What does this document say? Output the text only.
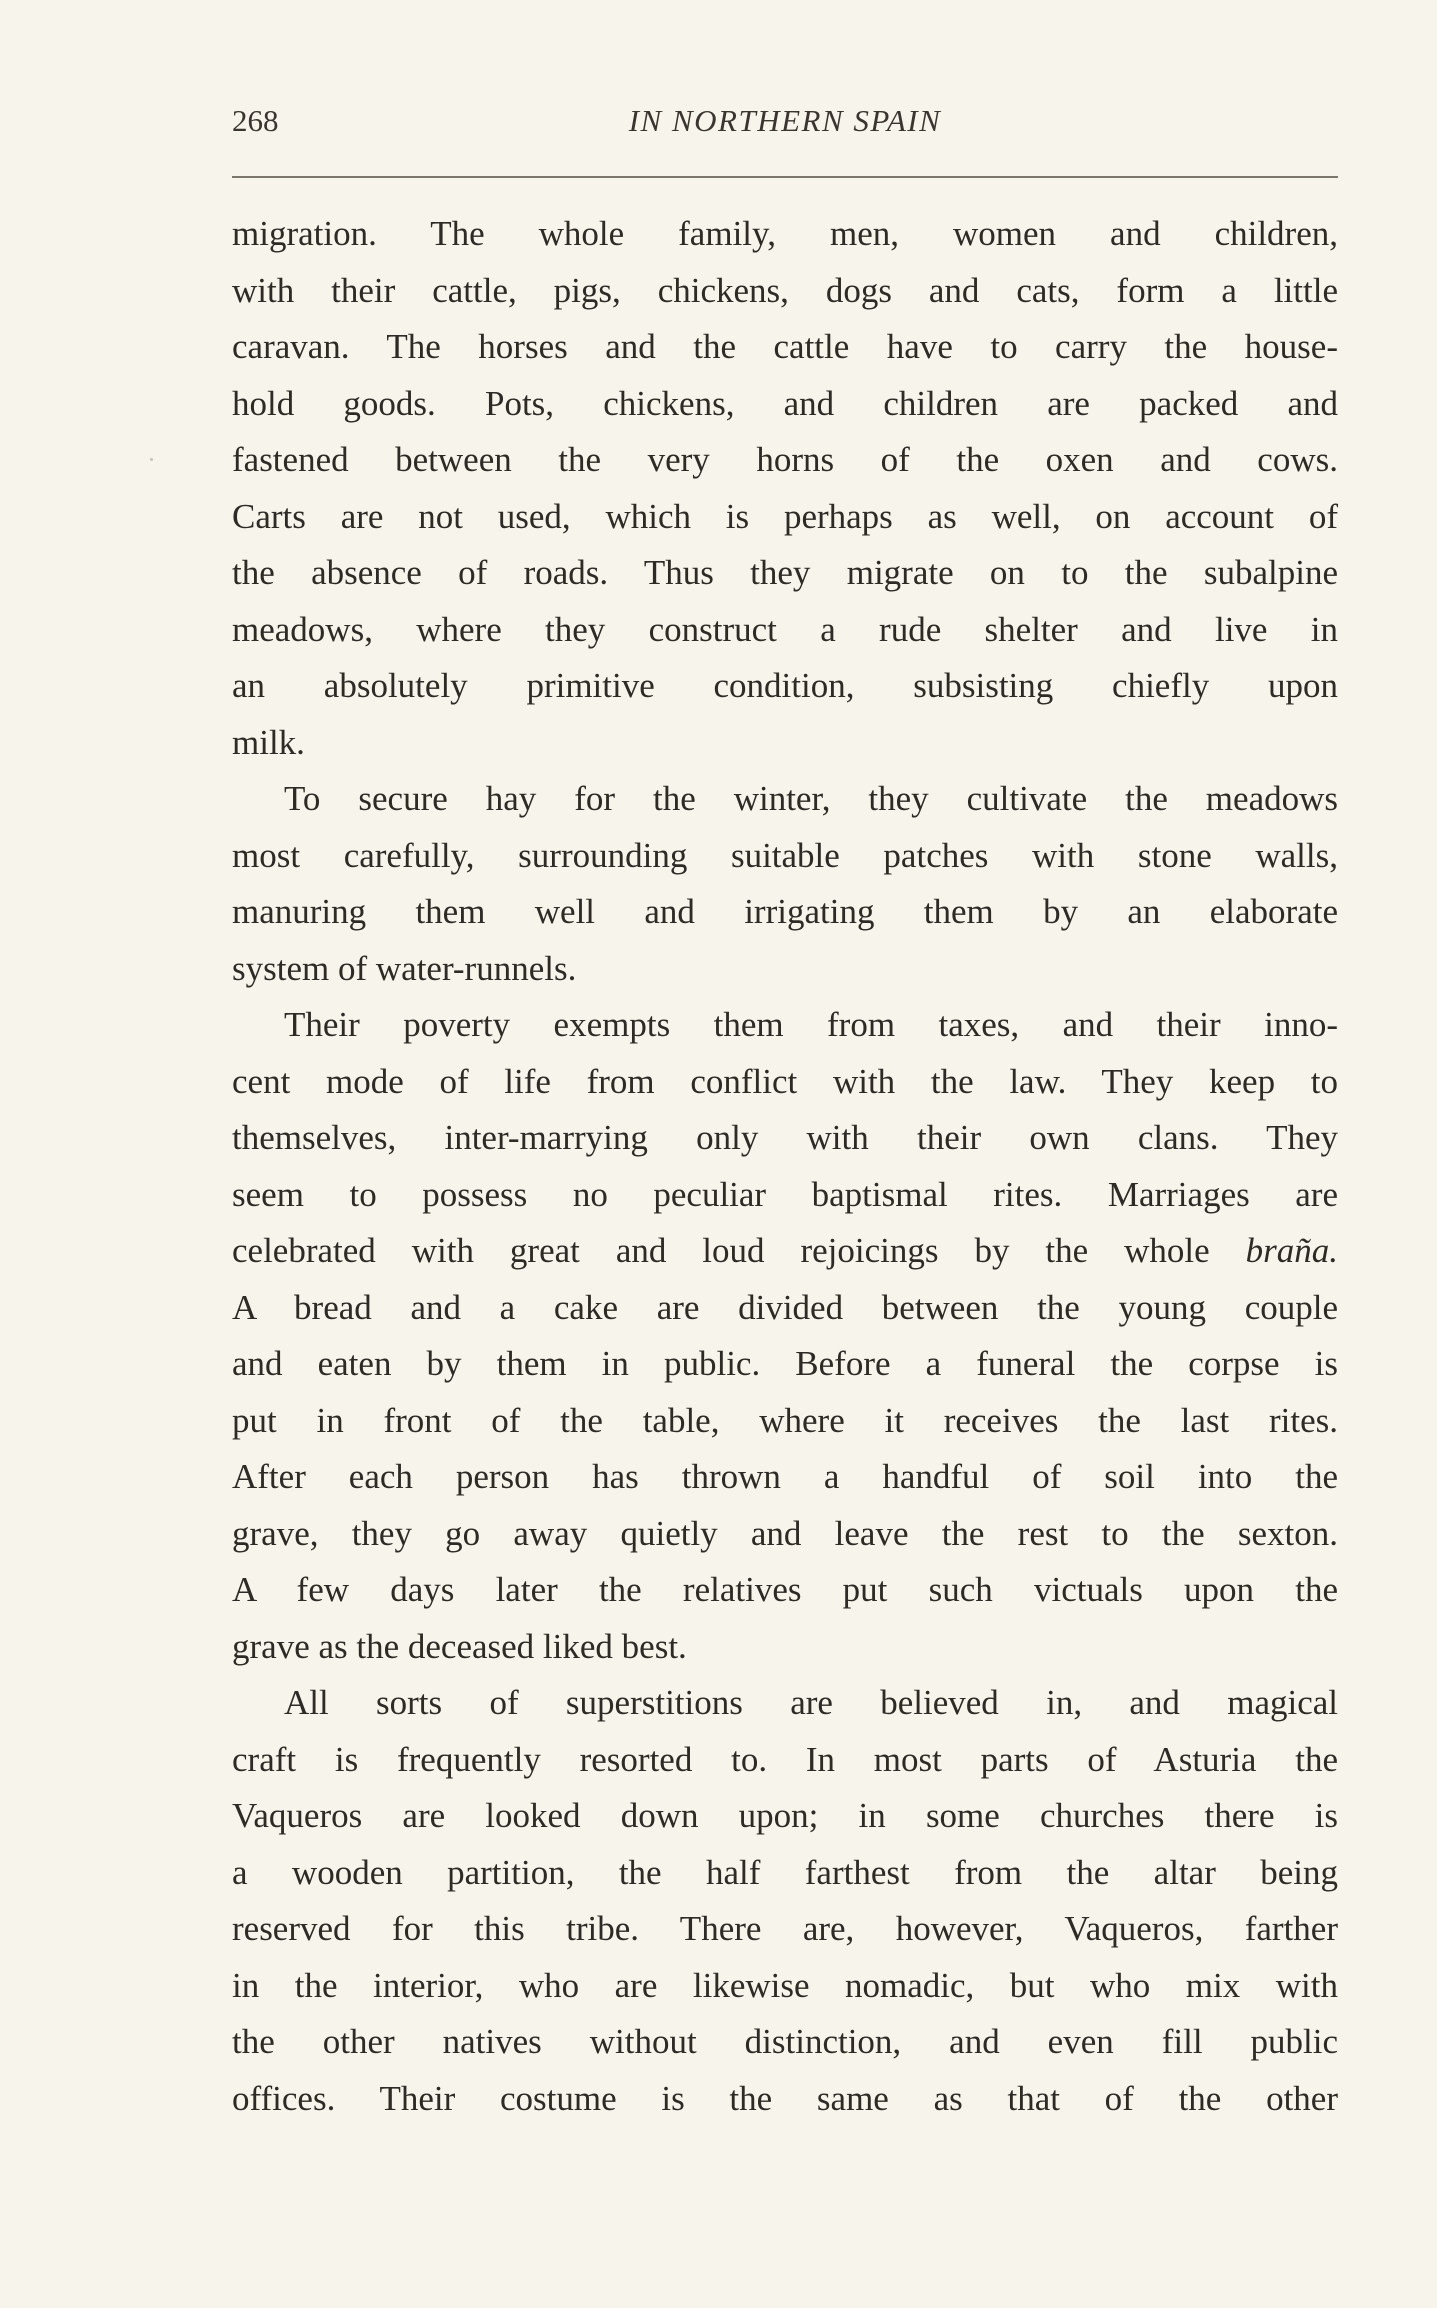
268	IN NORTHERN SPAIN
migration. The whole family, men, women and children,
with their cattle, pigs, chickens, dogs and cats, form a little
caravan. The horses and the cattle have to carry the house-
hold goods. Pots, chickens, and children are packed and
fastened between the very horns of the oxen and cows.
Carts are not used, which is perhaps as well, on account of
the absence of roads. Thus they migrate on to the subalpine
meadows, where they construct a rude shelter and live in
an absolutely primitive condition, subsisting chiefly upon
milk.
To secure hay for the winter, they cultivate the meadows
most carefully, surrounding suitable patches with stone walls,
manuring them well and irrigating them by an elaborate
system of water-runnels.
Their poverty exempts them from taxes, and their inno-
cent mode of life from conflict with the law. They keep to
themselves, inter-marrying only with their own clans. They
seem to possess no peculiar baptismal rites. Marriages are
celebrated with great and loud rejoicings by the whole braña.
A bread and a cake are divided between the young couple
and eaten by them in public. Before a funeral the corpse is
put in front of the table, where it receives the last rites.
After each person has thrown a handful of soil into the
grave, they go away quietly and leave the rest to the sexton.
A few days later the relatives put such victuals upon the
grave as the deceased liked best.
All sorts of superstitions are believed in, and magical
craft is frequently resorted to. In most parts of Asturia the
Vaqueros are looked down upon; in some churches there is
a wooden partition, the half farthest from the altar being
reserved for this tribe. There are, however, Vaqueros, farther
in the interior, who are likewise nomadic, but who mix with
the other natives without distinction, and even fill public
offices. Their costume is the same as that of the other
